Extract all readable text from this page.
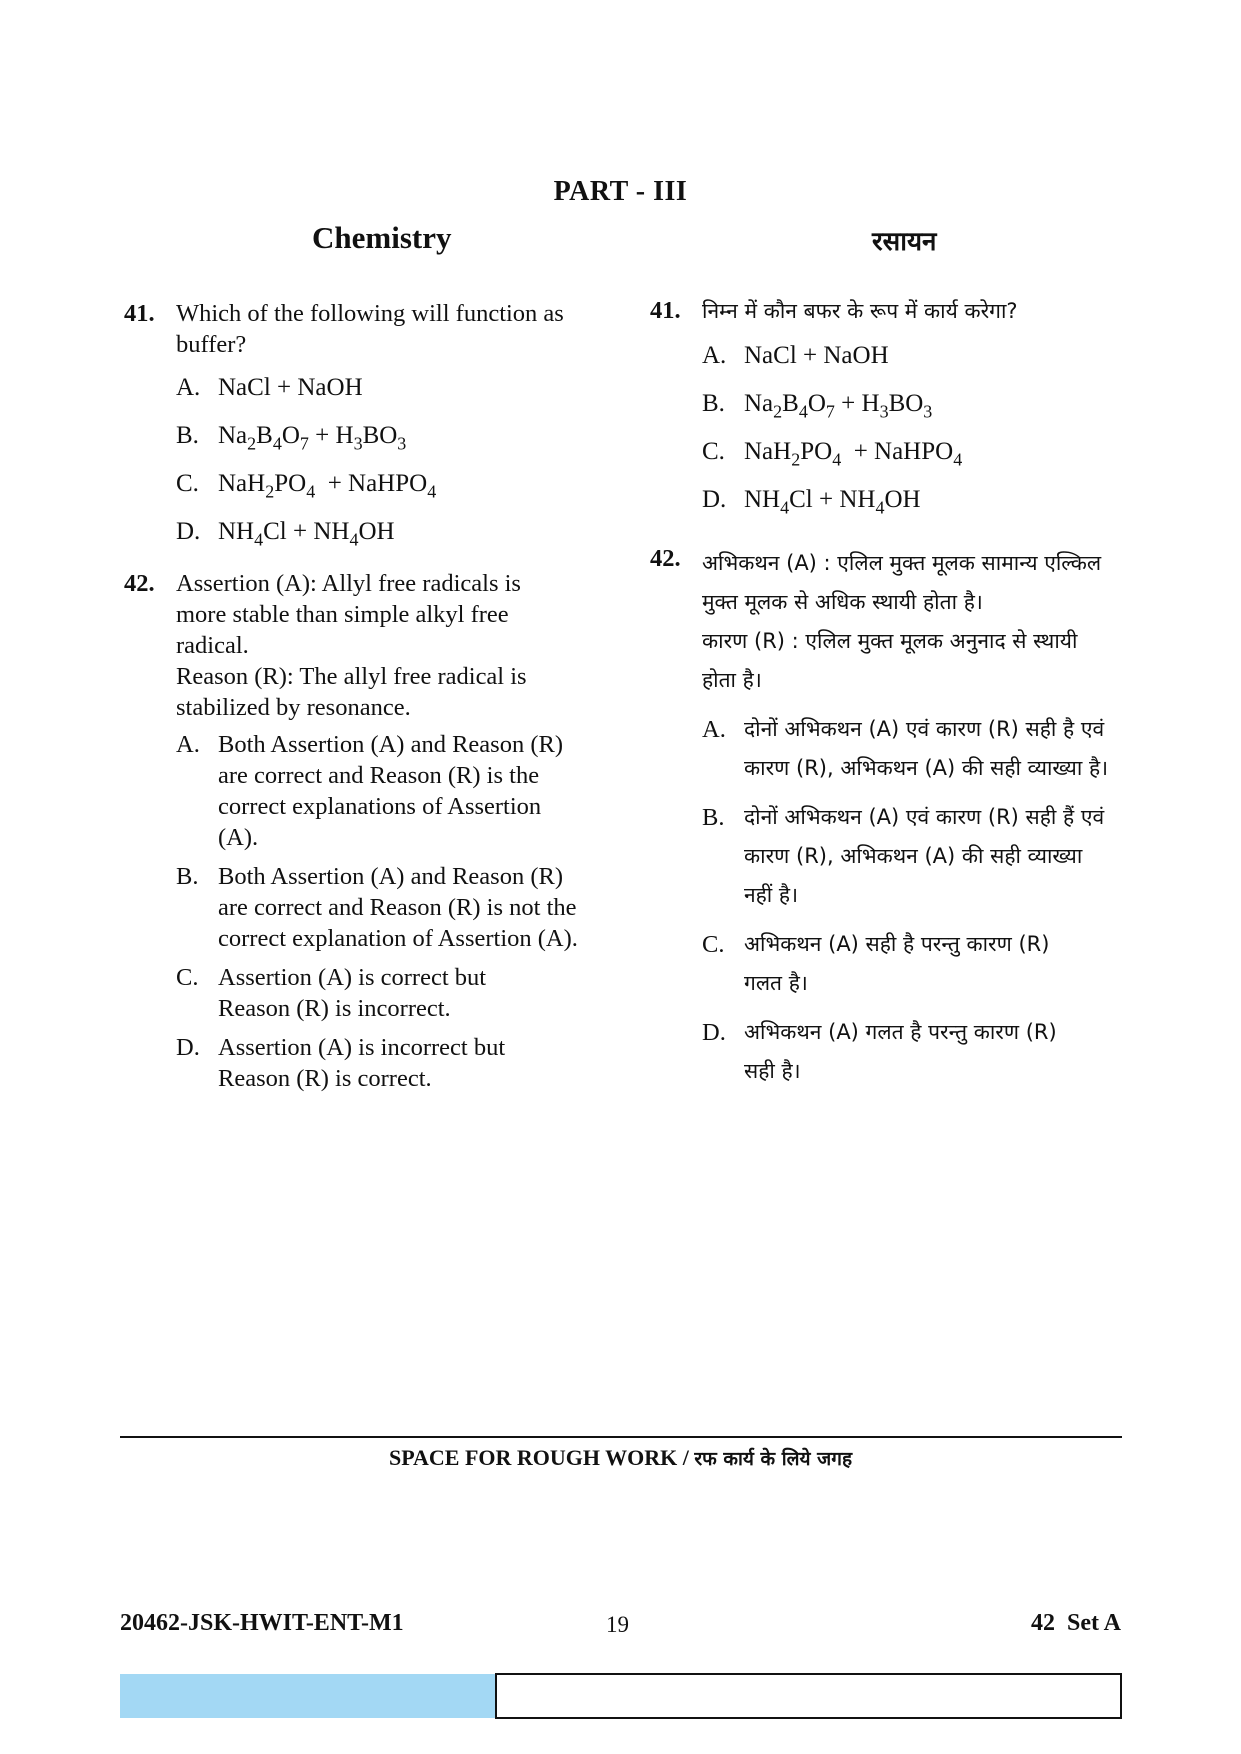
PART - III
Chemistry	रसायन
41. Which of the following will function as buffer?
A. NaCl + NaOH
B. $Na_2B_4O_7 + H_3BO_3$
C. $NaH_2PO_4$  + NaHPO$_4$
D. $NH_4Cl + NH_4OH$
42. Assertion (A): Allyl free radicals is more stable than simple alkyl free radical.
Reason (R): The allyl free radical is stabilized by resonance.
A. Both Assertion (A) and Reason (R) are correct and Reason (R) is the correct explanations of Assertion (A).
B. Both Assertion (A) and Reason (R) are correct and Reason (R) is not the correct explanation of Assertion (A).
C. Assertion (A) is correct but Reason (R) is incorrect.
D. Assertion (A) is incorrect but Reason (R) is correct.
41. निम्न में कौन बफर के रूप में कार्य करेगा?
A. NaCl + NaOH
B. $Na_2B_4O_7 + H_3BO_3$
C. $NaH_2PO_4$  + NaHPO$_4$
D. $NH_4Cl + NH_4OH$
42. अभिकथन (A) : एलिल मुक्त मूलक सामान्य एल्किल मुक्त मूलक से अधिक स्थायी होता है।
कारण (R) : एलिल मुक्त मूलक अनुनाद से स्थायी होता है।
A. दोनों अभिकथन (A) एवं कारण (R) सही है एवं कारण (R), अभिकथन (A) की सही व्याख्या है।
B. दोनों अभिकथन (A) एवं कारण (R) सही हैं एवं कारण (R), अभिकथन (A) की सही व्याख्या नहीं है।
C. अभिकथन (A) सही है परन्तु कारण (R) गलत है।
D. अभिकथन (A) गलत है परन्तु कारण (R) सही है।
SPACE FOR ROUGH WORK / रफ कार्य के लिये जगह
20462-JSK-HWIT-ENT-M1	19	42  Set A
